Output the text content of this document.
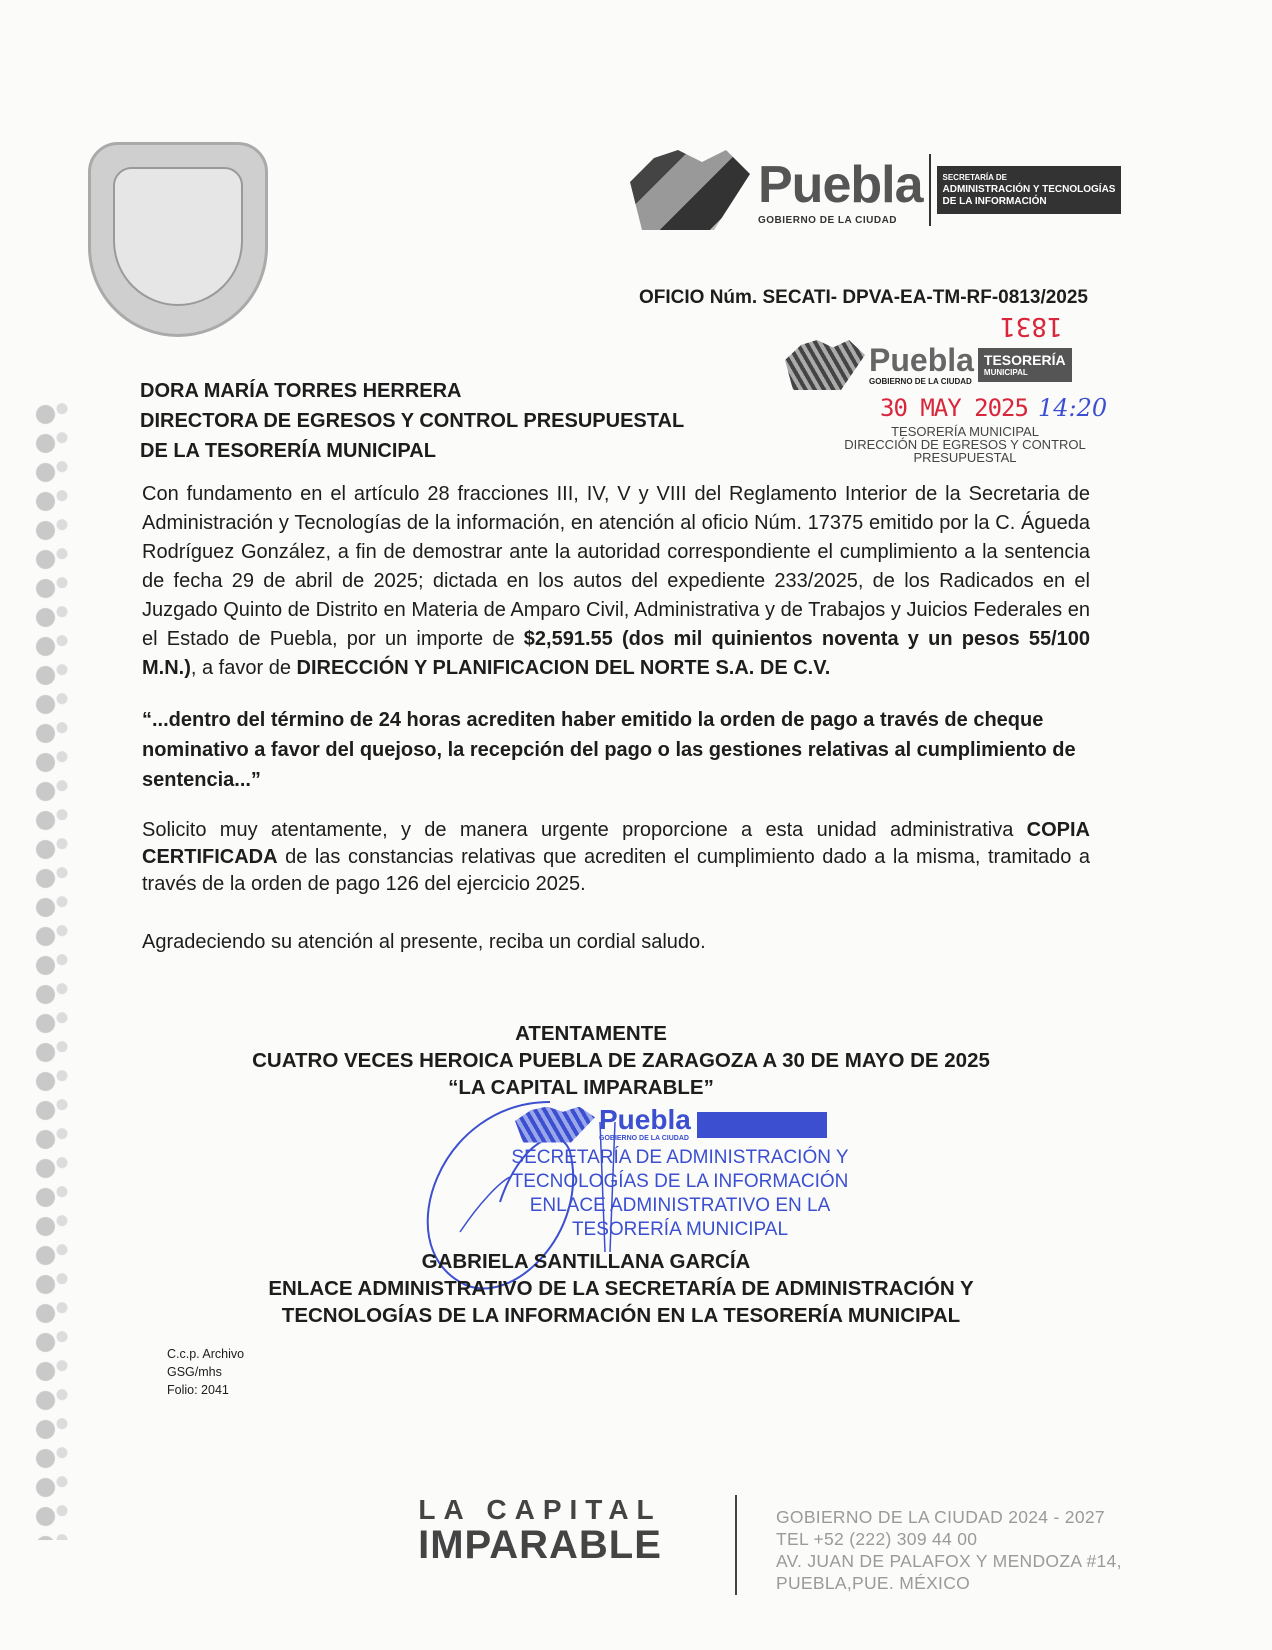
Puebla
GOBIERNO DE LA CIUDAD
SECRETARÍA DE
ADMINISTRACIÓN Y TECNOLOGÍAS
DE LA INFORMACIÓN
OFICIO Núm. SECATI- DPVA-EA-TM-RF-0813/2025
1831
Puebla
GOBIERNO DE LA CIUDAD
TESORERÍA
MUNICIPAL
30 MAY 2025 14:20
TESORERÍA MUNICIPAL
DIRECCIÓN DE EGRESOS Y CONTROL
PRESUPUESTAL
DORA MARÍA TORRES HERRERA
DIRECTORA DE EGRESOS Y CONTROL PRESUPUESTAL
DE LA TESORERÍA MUNICIPAL

Con fundamento en el artículo 28 fracciones III, IV, V y VIII del Reglamento Interior de la Secretaria de Administración y Tecnologías de la información, en atención al oficio Núm. 17375 emitido por la C. Águeda Rodríguez González, a fin de demostrar ante la autoridad correspondiente el cumplimiento a la sentencia de fecha 29 de abril de 2025; dictada en los autos del expediente 233/2025, de los Radicados en el Juzgado Quinto de Distrito en Materia de Amparo Civil, Administrativa y de Trabajos y Juicios Federales en el Estado de Puebla, por un importe de $2,591.55 (dos mil quinientos noventa y un pesos 55/100 M.N.), a favor de DIRECCIÓN Y PLANIFICACION DEL NORTE S.A. DE C.V.

“...dentro del término de 24 horas acrediten haber emitido la orden de pago a través de cheque nominativo a favor del quejoso, la recepción del pago o las gestiones relativas al cumplimiento de sentencia...”

Solicito muy atentamente, y de manera urgente proporcione a esta unidad administrativa COPIA CERTIFICADA de las constancias relativas que acrediten el cumplimiento dado a la misma, tramitado a través de la orden de pago 126 del ejercicio 2025.

Agradeciendo su atención al presente, reciba un cordial saludo.

ATENTAMENTE
CUATRO VECES HEROICA PUEBLA DE ZARAGOZA A 30 DE MAYO DE 2025
“LA CAPITAL IMPARABLE”
Puebla
GOBIERNO DE LA CIUDAD
SECRETARÍA DE ADMINISTRACIÓN Y
TECNOLOGÍAS DE LA INFORMACIÓN
ENLACE ADMINISTRATIVO EN LA
TESORERÍA MUNICIPAL
GABRIELA SANTILLANA GARCÍA
ENLACE ADMINISTRATIVO DE LA SECRETARÍA DE ADMINISTRACIÓN Y
TECNOLOGÍAS DE LA INFORMACIÓN EN LA TESORERÍA MUNICIPAL
C.c.p. Archivo
GSG/mhs
Folio: 2041
LA CAPITAL
IMPARABLE
GOBIERNO DE LA CIUDAD 2024 - 2027
TEL +52 (222) 309 44 00
AV. JUAN DE PALAFOX Y MENDOZA #14,
PUEBLA,PUE. MÉXICO
